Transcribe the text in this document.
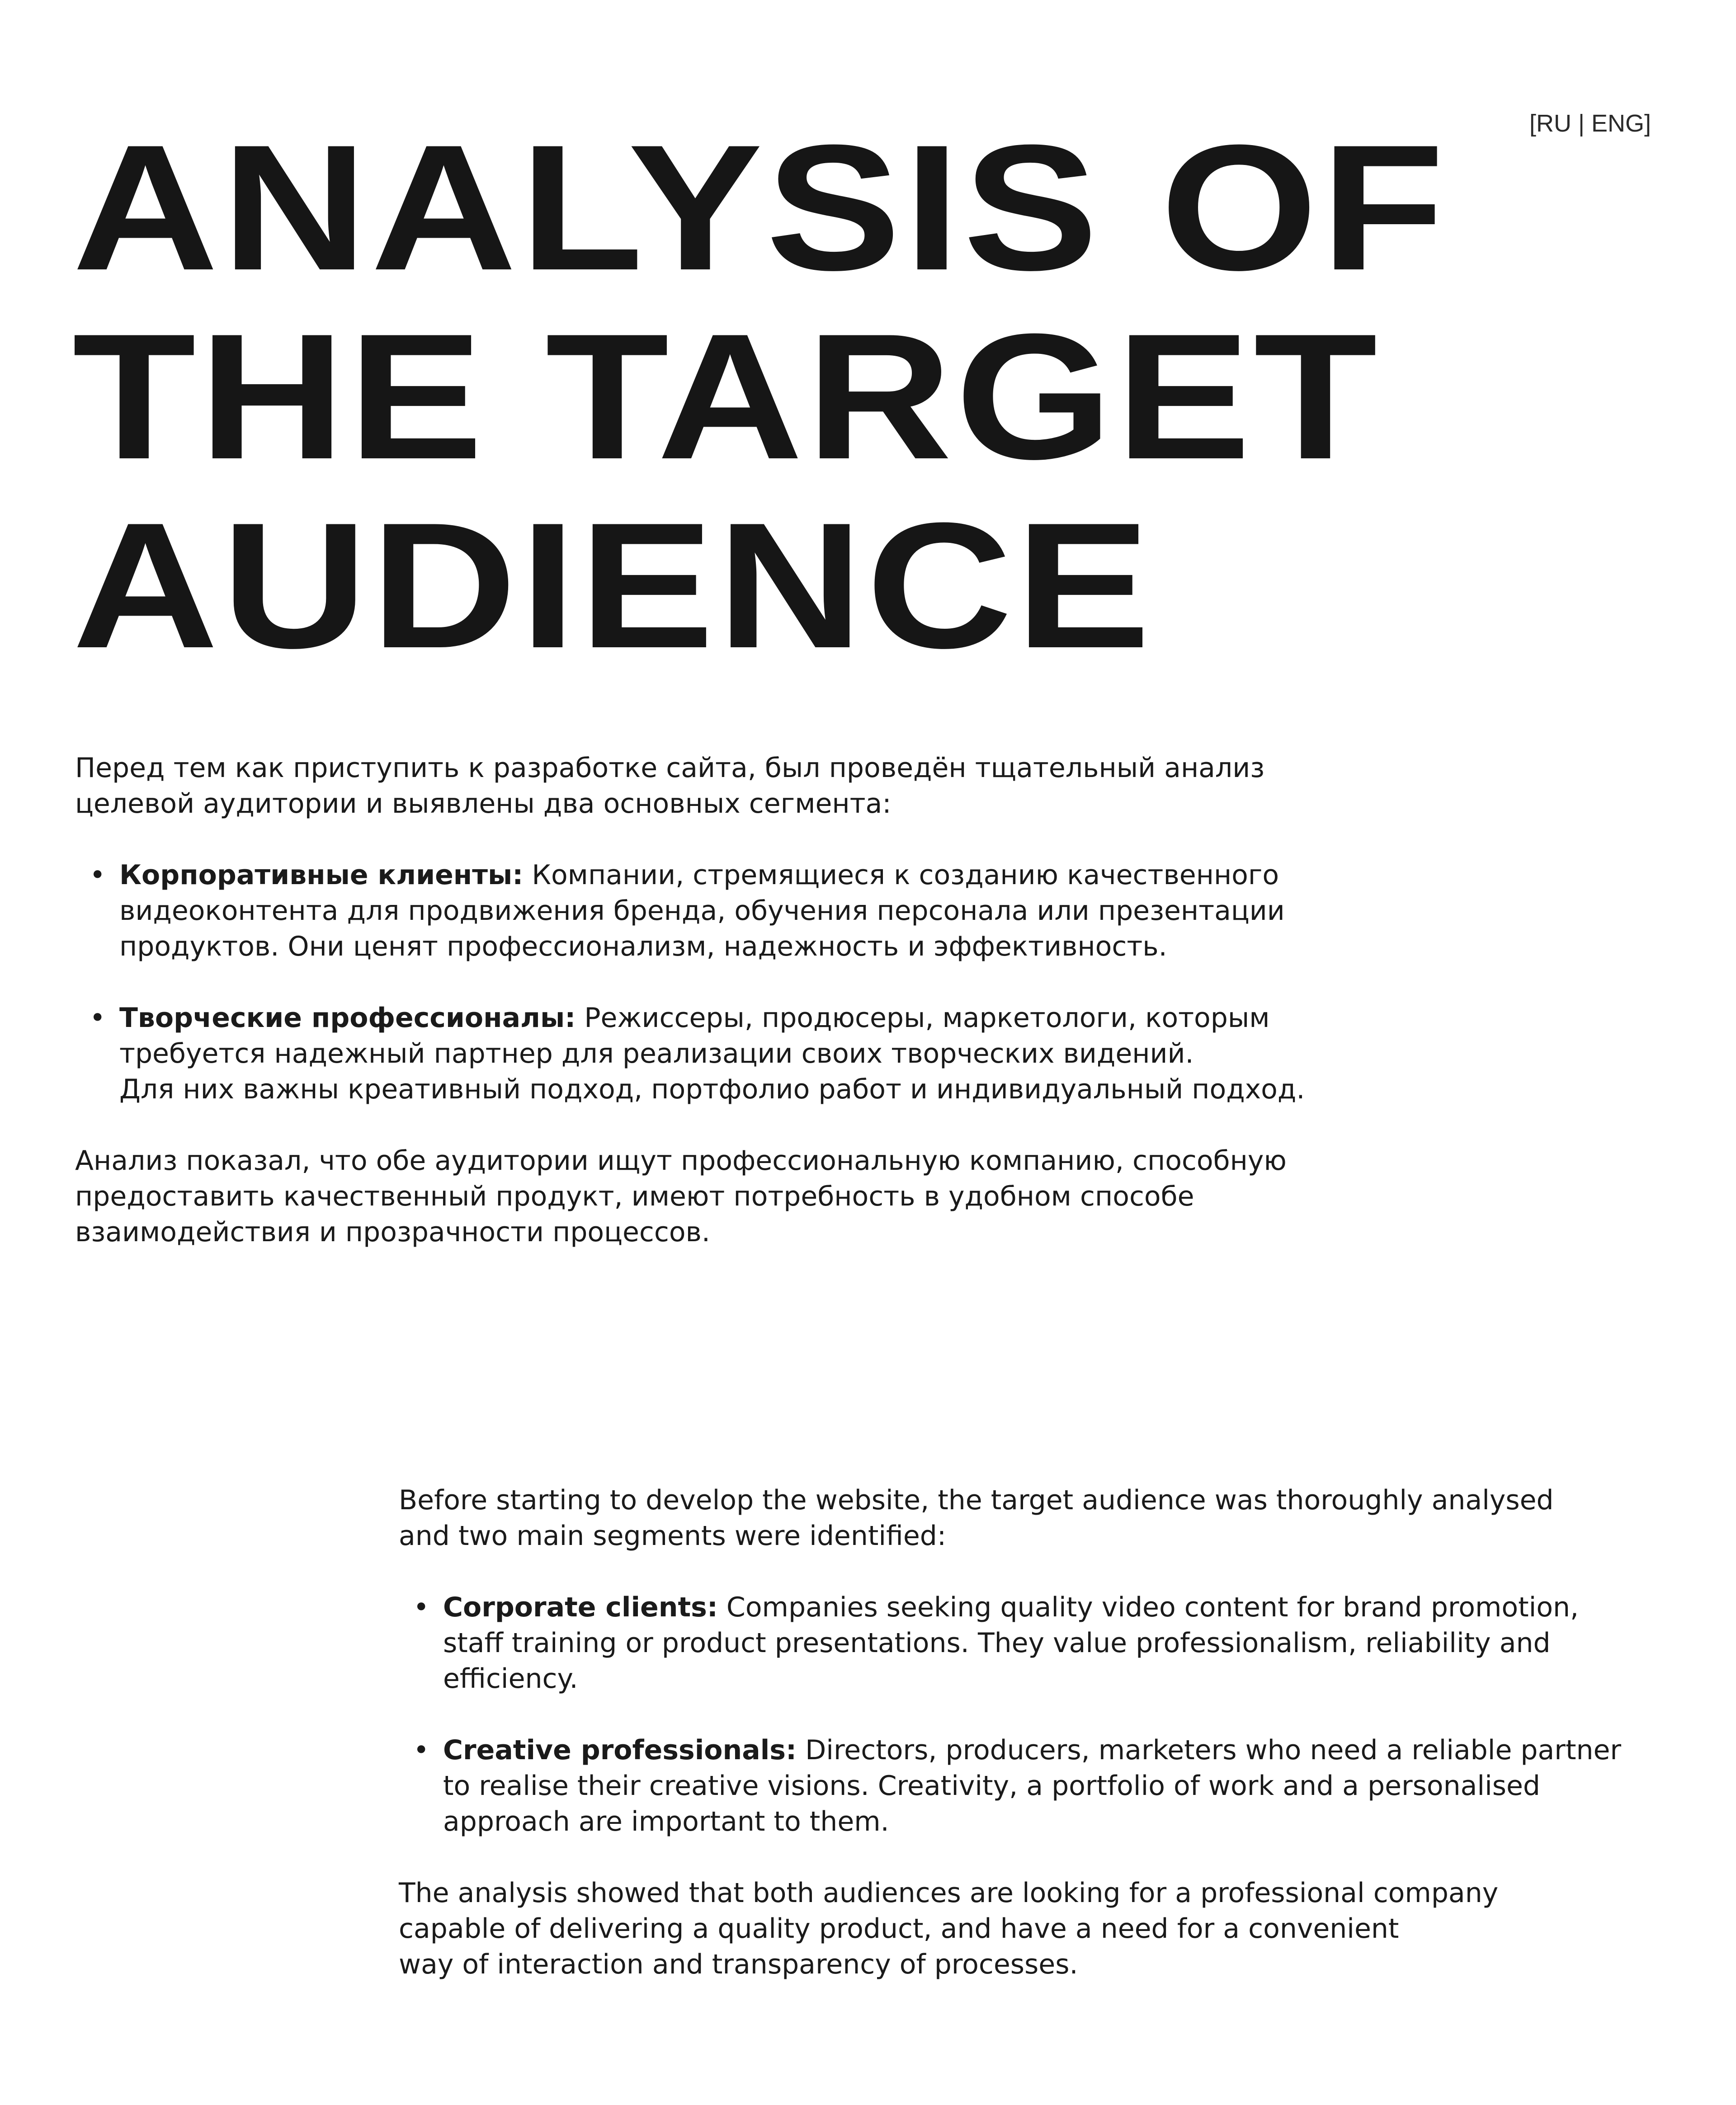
[RU | ENG]
ANALYSIS OF
THE TARGET
AUDIENCE

Перед тем как приступить к разработке сайта, был проведён тщательный анализ
целевой аудитории и выявлены два основных сегмента:

• Корпоративные клиенты: Компании, стремящиеся к созданию качественного
видеоконтента для продвижения бренда, обучения персонала или презентации
продуктов. Они ценят профессионализм, надежность и эффективность.
• Творческие профессионалы: Режиссеры, продюсеры, маркетологи, которым
требуется надежный партнер для реализации своих творческих видений.
Для них важны креативный подход, портфолио работ и индивидуальный подход.

Анализ показал, что обе аудитории ищут профессиональную компанию, способную
предоставить качественный продукт, имеют потребность в удобном способе
взаимодействия и прозрачности процессов.

Before starting to develop the website, the target audience was thoroughly analysed
and two main segments were identified:

• Corporate clients: Companies seeking quality video content for brand promotion,
staff training or product presentations. They value professionalism, reliability and
efficiency.
• Creative professionals: Directors, producers, marketers who need a reliable partner
to realise their creative visions. Creativity, a portfolio of work and a personalised
approach are important to them.

The analysis showed that both audiences are looking for a professional company
capable of delivering a quality product, and have a need for a convenient
way of interaction and transparency of processes.
